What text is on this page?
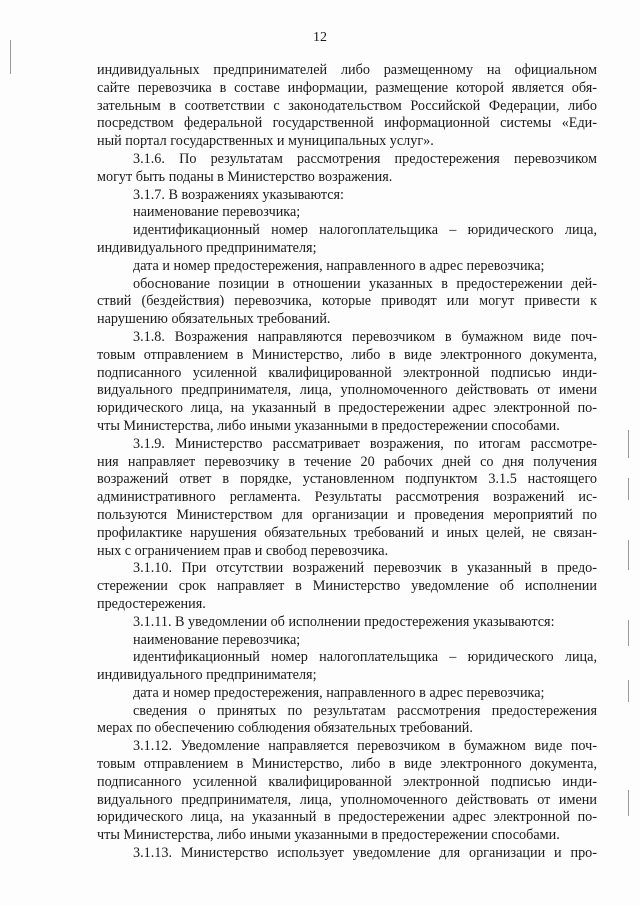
12
индивидуальных предпринимателей либо размещенному на официальном
сайте перевозчика в составе информации, размещение которой является обя-
зательным в соответствии с законодательством Российской Федерации, либо
посредством федеральной государственной информационной системы «Еди-
ный портал государственных и муниципальных услуг».
3.1.6. По результатам рассмотрения предостережения перевозчиком
могут быть поданы в Министерство возражения.
3.1.7. В возражениях указываются:
наименование перевозчика;
идентификационный номер налогоплательщика – юридического лица,
индивидуального предпринимателя;
дата и номер предостережения, направленного в адрес перевозчика;
обоснование позиции в отношении указанных в предостережении дей-
ствий (бездействия) перевозчика, которые приводят или могут привести к
нарушению обязательных требований.
3.1.8. Возражения направляются перевозчиком в бумажном виде поч-
товым отправлением в Министерство, либо в виде электронного документа,
подписанного усиленной квалифицированной электронной подписью инди-
видуального предпринимателя, лица, уполномоченного действовать от имени
юридического лица, на указанный в предостережении адрес электронной по-
чты Министерства, либо иными указанными в предостережении способами.
3.1.9. Министерство рассматривает возражения, по итогам рассмотре-
ния направляет перевозчику в течение 20 рабочих дней со дня получения
возражений ответ в порядке, установленном подпунктом 3.1.5 настоящего
административного регламента. Результаты рассмотрения возражений ис-
пользуются Министерством для организации и проведения мероприятий по
профилактике нарушения обязательных требований и иных целей, не связан-
ных с ограничением прав и свобод перевозчика.
3.1.10. При отсутствии возражений перевозчик в указанный в предо-
стережении срок направляет в Министерство уведомление об исполнении
предостережения.
3.1.11. В уведомлении об исполнении предостережения указываются:
наименование перевозчика;
идентификационный номер налогоплательщика – юридического лица,
индивидуального предпринимателя;
дата и номер предостережения, направленного в адрес перевозчика;
сведения о принятых по результатам рассмотрения предостережения
мерах по обеспечению соблюдения обязательных требований.
3.1.12. Уведомление направляется перевозчиком в бумажном виде поч-
товым отправлением в Министерство, либо в виде электронного документа,
подписанного усиленной квалифицированной электронной подписью инди-
видуального предпринимателя, лица, уполномоченного действовать от имени
юридического лица, на указанный в предостережении адрес электронной по-
чты Министерства, либо иными указанными в предостережении способами.
3.1.13. Министерство использует уведомление для организации и про-
